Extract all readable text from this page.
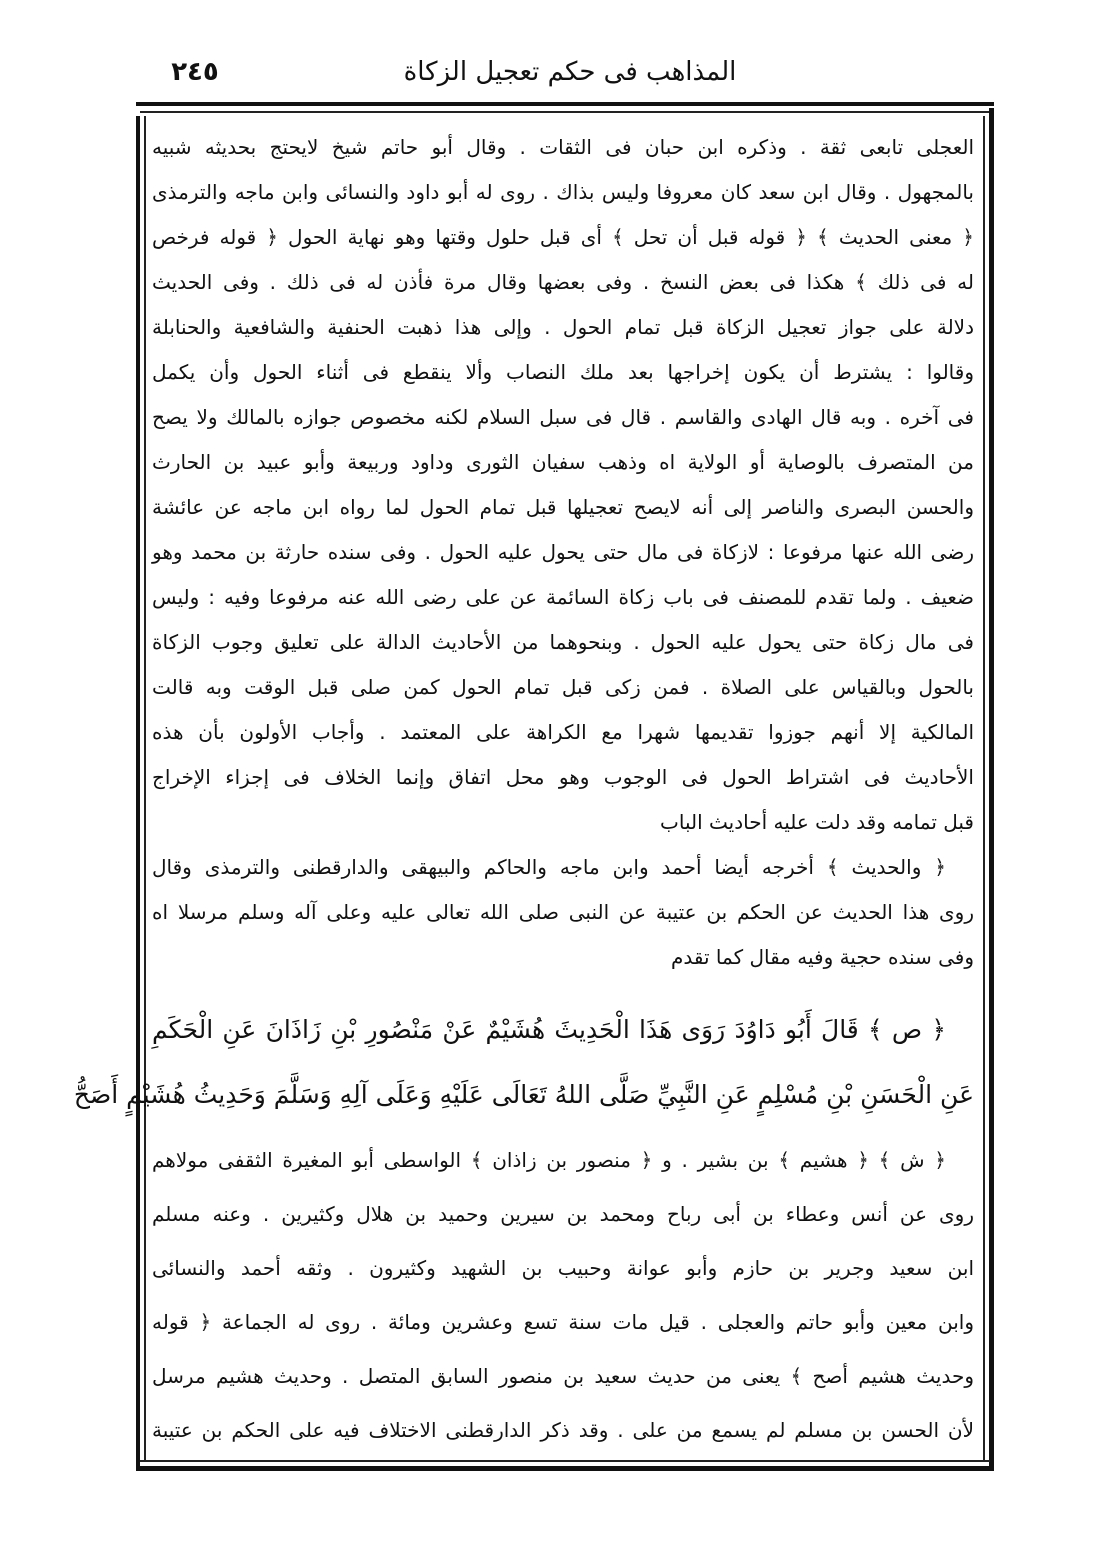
المذاهب فى حكم تعجيل الزكاة
٢٤٥
العجلى تابعى ثقة . وذكره ابن حبان فى الثقات . وقال أبو حاتم شيخ لايحتج بحديثه شبيه
بالمجهول . وقال ابن سعد كان معروفا وليس بذاك . روى له أبو داود والنسائى وابن ماجه والترمذى
﴿ معنى الحديث ﴾ ﴿ قوله قبل أن تحل ﴾ أى قبل حلول وقتها وهو نهاية الحول ﴿ قوله فرخص
له فى ذلك ﴾ هكذا فى بعض النسخ . وفى بعضها وقال مرة فأذن له فى ذلك . وفى الحديث
دلالة على جواز تعجيل الزكاة قبل تمام الحول . وإلى هذا ذهبت الحنفية والشافعية والحنابلة
وقالوا : يشترط أن يكون إخراجها بعد ملك النصاب وألا ينقطع فى أثناء الحول وأن يكمل
فى آخره . وبه قال الهادى والقاسم . قال فى سبل السلام لكنه مخصوص جوازه بالمالك ولا يصح
من المتصرف بالوصاية أو الولاية اه وذهب سفيان الثورى وداود وربيعة وأبو عبيد بن الحارث
والحسن البصرى والناصر إلى أنه لايصح تعجيلها قبل تمام الحول لما رواه ابن ماجه عن عائشة
رضى الله عنها مرفوعا : لازكاة فى مال حتى يحول عليه الحول . وفى سنده حارثة بن محمد وهو
ضعيف . ولما تقدم للمصنف فى باب زكاة السائمة عن على رضى الله عنه مرفوعا وفيه : وليس
فى مال زكاة حتى يحول عليه الحول . وبنحوهما من الأحاديث الدالة على تعليق وجوب الزكاة
بالحول وبالقياس على الصلاة . فمن زكى قبل تمام الحول كمن صلى قبل الوقت وبه قالت
المالكية إلا أنهم جوزوا تقديمها شهرا مع الكراهة على المعتمد . وأجاب الأولون بأن هذه
الأحاديث فى اشتراط الحول فى الوجوب وهو محل اتفاق وإنما الخلاف فى إجزاء الإخراج
قبل تمامه وقد دلت عليه أحاديث الباب
﴿ والحديث ﴾ أخرجه أيضا أحمد وابن ماجه والحاكم والبيهقى والدارقطنى والترمذى وقال
روى هذا الحديث عن الحكم بن عتيبة عن النبى صلى الله تعالى عليه وعلى آله وسلم مرسلا اه
وفى سنده حجية وفيه مقال كما تقدم
﴿ ص ﴾ قَالَ أَبُو دَاوُدَ رَوَى هَذَا الْحَدِيثَ هُشَيْمٌ عَنْ مَنْصُورِ بْنِ زَاذَانَ عَنِ الْحَكَمِ
عَنِ الْحَسَنِ بْنِ مُسْلِمٍ عَنِ النَّبِيِّ صَلَّى اللهُ تَعَالَى عَلَيْهِ وَعَلَى آلِهِ وَسَلَّمَ وَحَدِيثُ هُشَيْمٍ أَصَحُّ
﴿ ش ﴾ ﴿ هشيم ﴾ بن بشير . و ﴿ منصور بن زاذان ﴾ الواسطى أبو المغيرة الثقفى مولاهم
روى عن أنس وعطاء بن أبى رباح ومحمد بن سيرين وحميد بن هلال وكثيرين . وعنه مسلم
ابن سعيد وجرير بن حازم وأبو عوانة وحبيب بن الشهيد وكثيرون . وثقه أحمد والنسائى
وابن معين وأبو حاتم والعجلى . قيل مات سنة تسع وعشرين ومائة . روى له الجماعة ﴿ قوله
وحديث هشيم أصح ﴾ يعنى من حديث سعيد بن منصور السابق المتصل . وحديث هشيم مرسل
لأن الحسن بن مسلم لم يسمع من على . وقد ذكر الدارقطنى الاختلاف فيه على الحكم بن عتيبة
